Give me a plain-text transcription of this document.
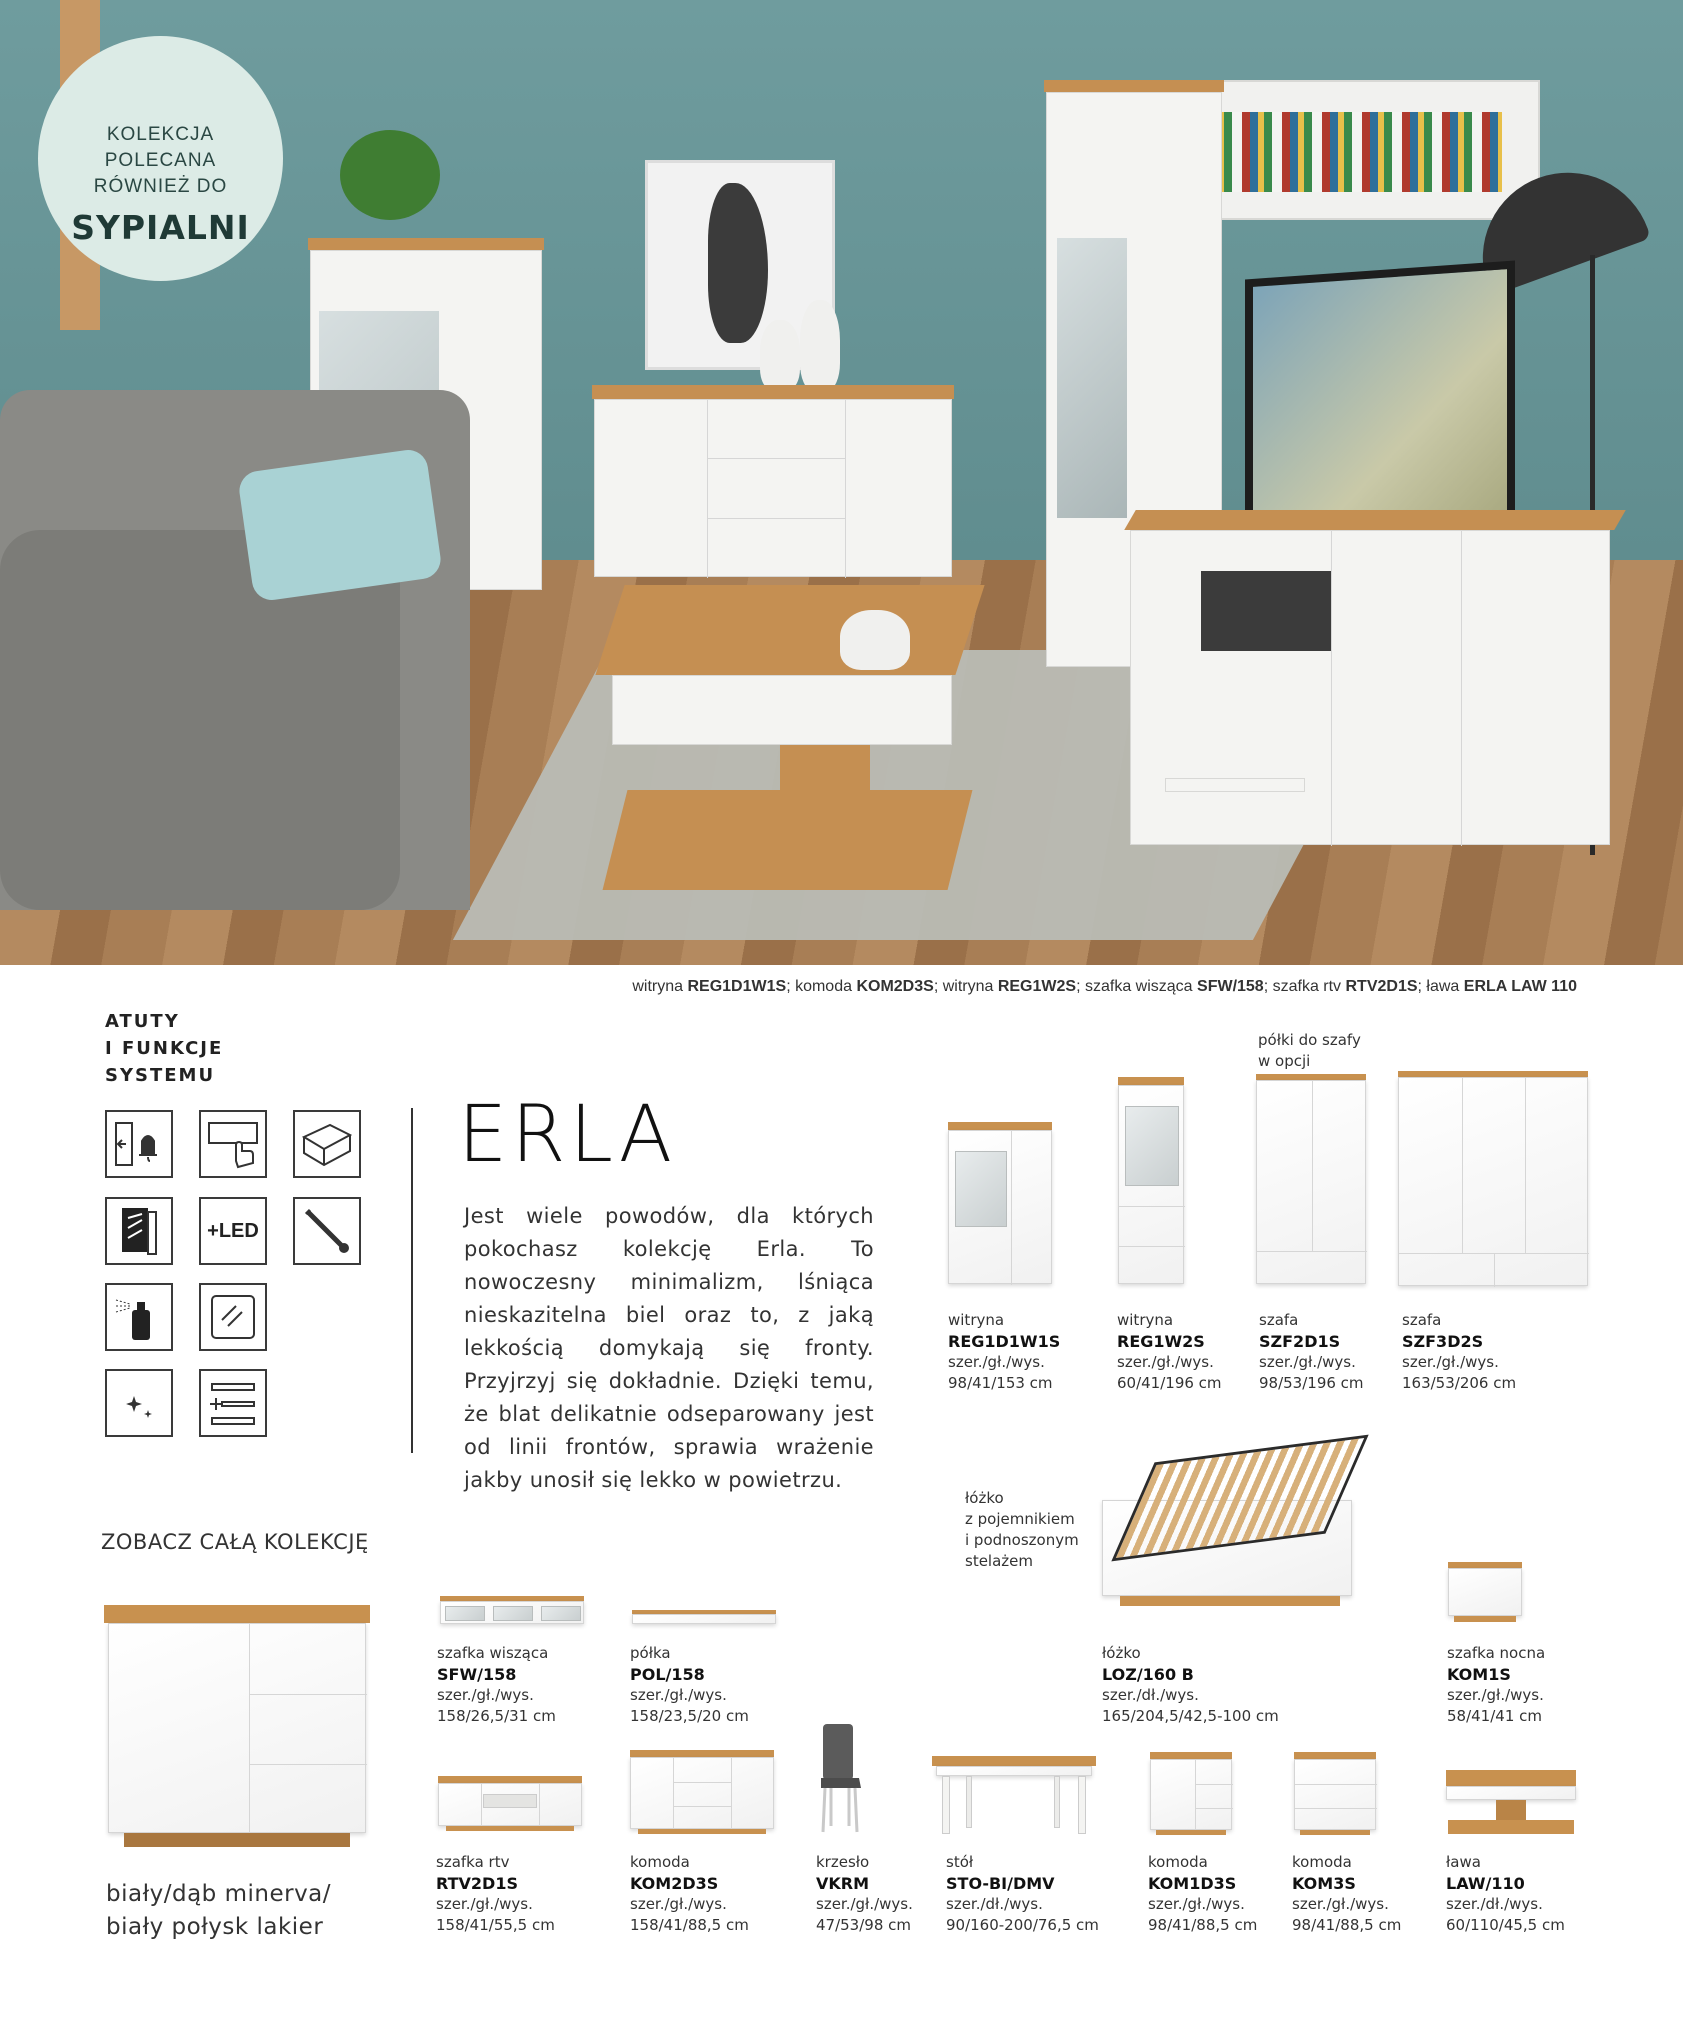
KOLEKCJA
POLECANA
RÓWNIEŻ DO
SYPIALNI
witryna REG1D1W1S; komoda KOM2D3S; witryna REG1W2S; szafka wisząca SFW/158; szafka rtv RTV2D1S; ława ERLA LAW 110
ATUTY
I FUNKCJE
SYSTEMU
+LED
ERLA
Jest wiele powodów, dla których pokochasz kolekcję Erla. To nowoczesny minimalizm, lśniąca nieskazitelna biel oraz to, z jaką lekkością domykają się fronty. Przyjrzyj się dokładnie. Dzięki temu, że blat delikatnie odseparowany jest od linii frontów, sprawia wrażenie jakby unosił się lekko w powietrzu.
ZOBACZ CAŁĄ KOLEKCJĘ
biały/dąb minerva/
biały połysk lakier
półki do szafy
w opcji
witryna
REG1D1W1S
szer./gł./wys.
98/41/153 cm
witryna
REG1W2S
szer./gł./wys.
60/41/196 cm
szafa
SZF2D1S
szer./gł./wys.
98/53/196 cm
szafa
SZF3D2S
szer./gł./wys.
163/53/206 cm
łóżko
z pojemnikiem
i podnoszonym
stelażem
szafka wisząca
SFW/158
szer./gł./wys.
158/26,5/31 cm
półka
POL/158
szer./gł./wys.
158/23,5/20 cm
łóżko
LOZ/160 B
szer./dł./wys.
165/204,5/42,5-100 cm
szafka nocna
KOM1S
szer./gł./wys.
58/41/41 cm
szafka rtv
RTV2D1S
szer./gł./wys.
158/41/55,5 cm
komoda
KOM2D3S
szer./gł./wys.
158/41/88,5 cm
krzesło
VKRM
szer./gł./wys.
47/53/98 cm
stół
STO-BI/DMV
szer./dł./wys.
90/160-200/76,5 cm
komoda
KOM1D3S
szer./gł./wys.
98/41/88,5 cm
komoda
KOM3S
szer./gł./wys.
98/41/88,5 cm
ława
LAW/110
szer./dł./wys.
60/110/45,5 cm
